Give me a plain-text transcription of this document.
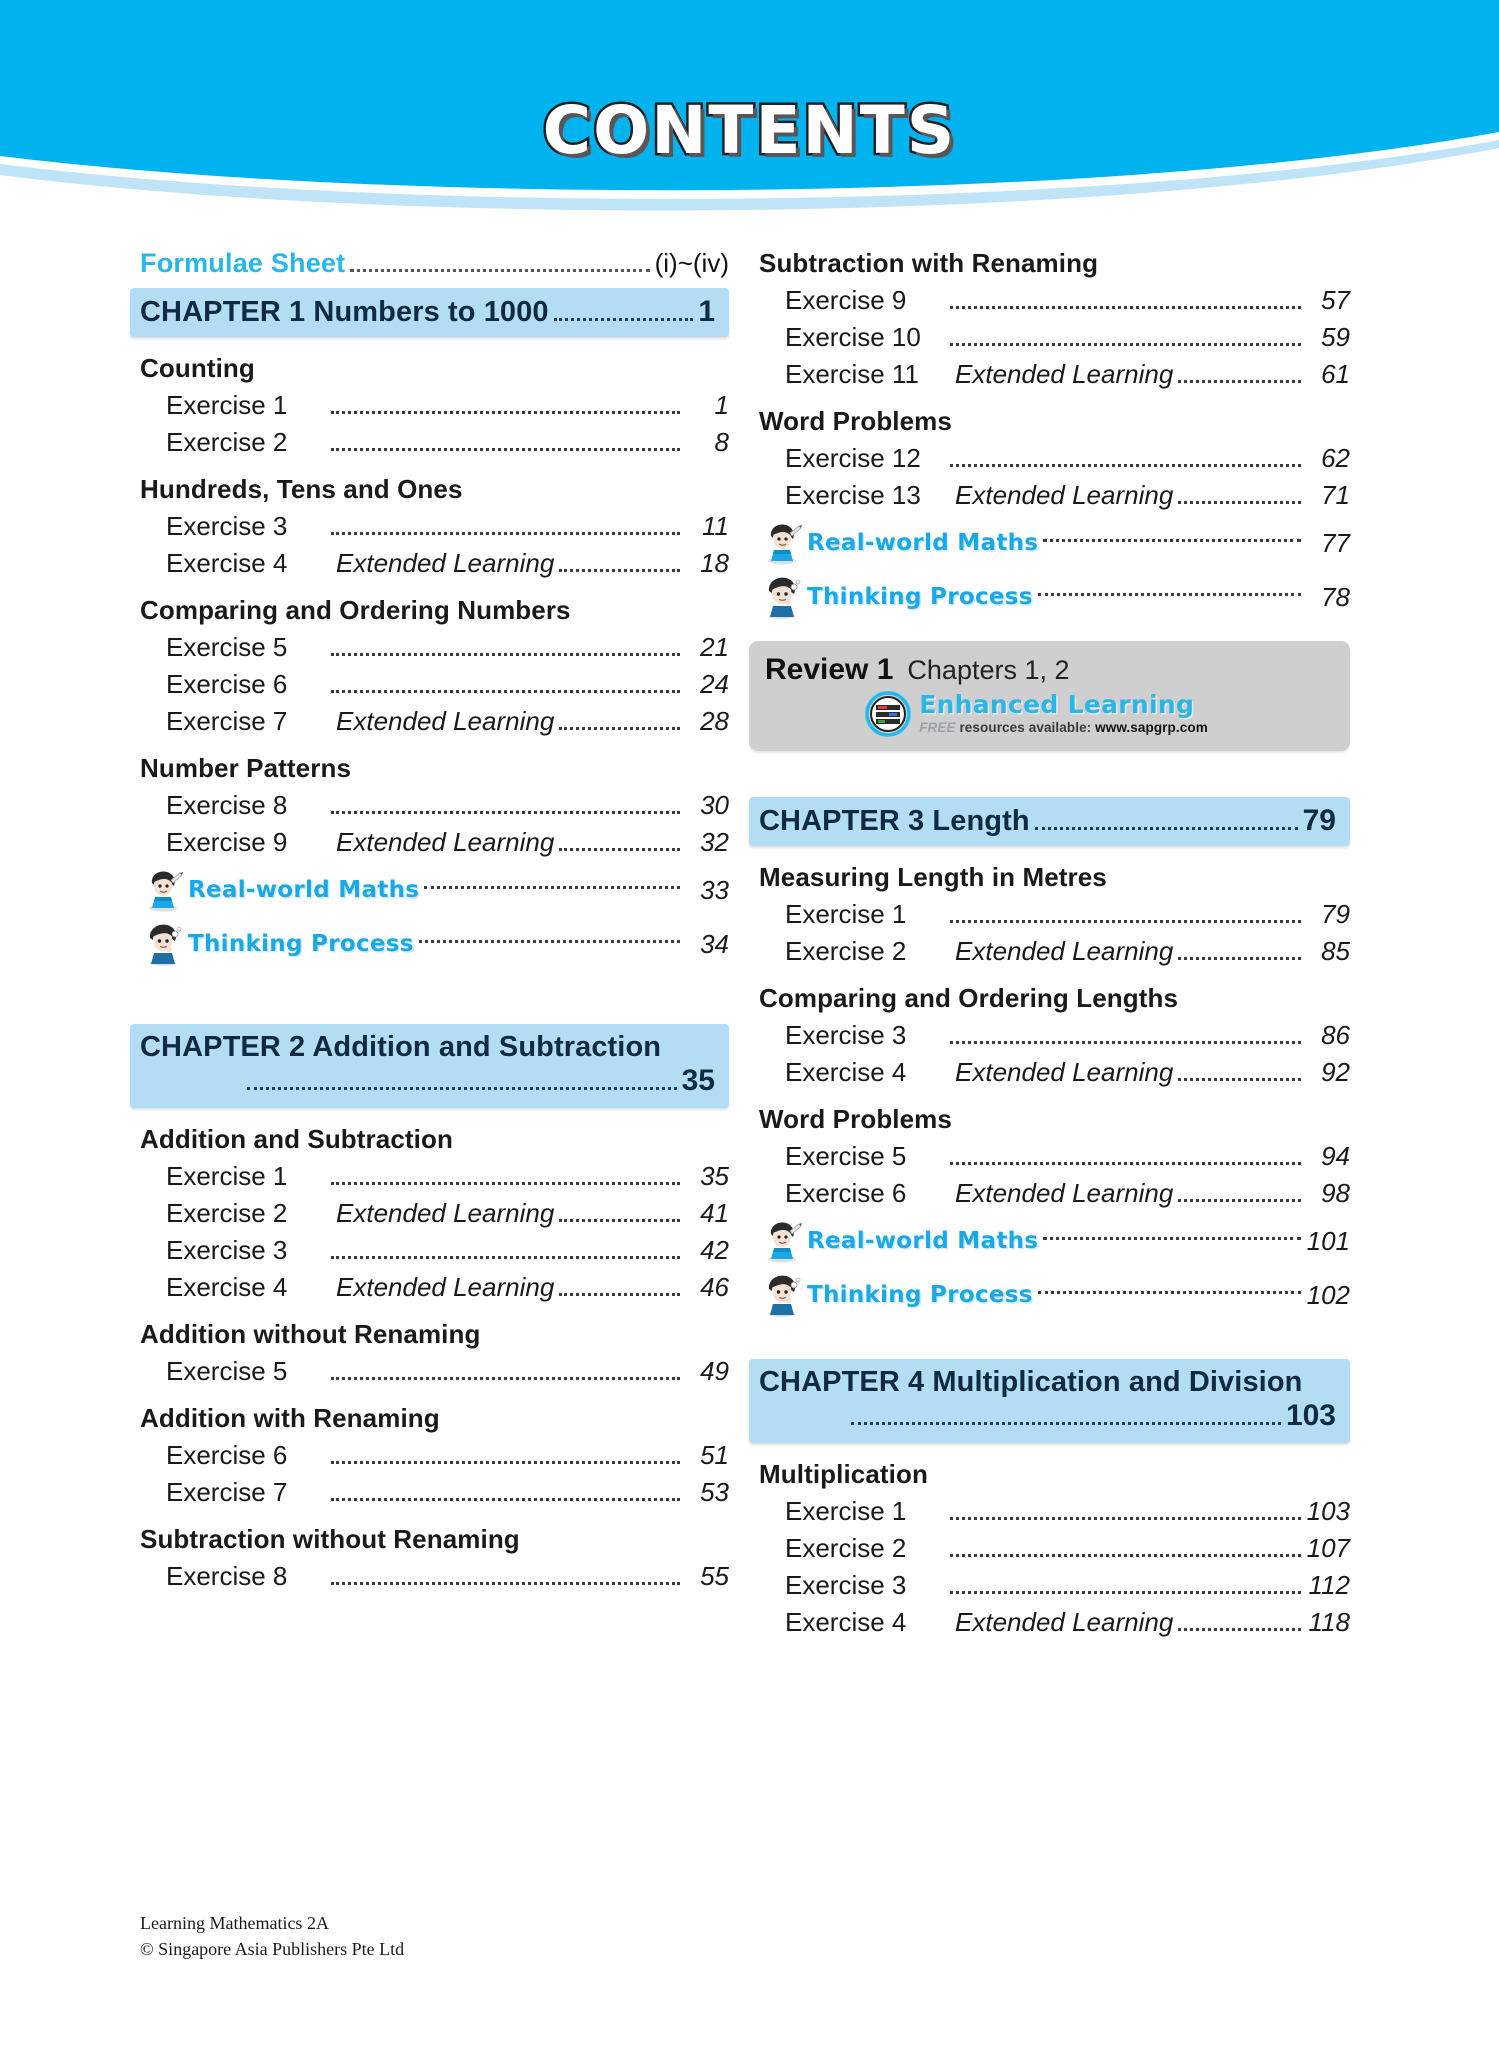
CONTENTS
Formulae Sheet	(i)~(iv)
CHAPTER 1 Numbers to 1000	1
Counting
Exercise 1	1
Exercise 2	8
Hundreds, Tens and Ones
Exercise 3	11
Exercise 4	Extended Learning	18
Comparing and Ordering Numbers
Exercise 5	21
Exercise 6	24
Exercise 7	Extended Learning	28
Number Patterns
Exercise 8	30
Exercise 9	Extended Learning	32
Real-world Maths	33
Thinking Process	34
CHAPTER 2 Addition and Subtraction
35
Addition and Subtraction
Exercise 1	35
Exercise 2	Extended Learning	41
Exercise 3	42
Exercise 4	Extended Learning	46
Addition without Renaming
Exercise 5	49
Addition with Renaming
Exercise 6	51
Exercise 7	53
Subtraction without Renaming
Exercise 8	55
Subtraction with Renaming
Exercise 9	57
Exercise 10	59
Exercise 11	Extended Learning	61
Word Problems
Exercise 12	62
Exercise 13	Extended Learning	71
Real-world Maths	77
Thinking Process	78
Review 1 Chapters 1, 2
Enhanced Learning
FREE resources available: www.sapgrp.com
CHAPTER 3 Length	79
Measuring Length in Metres
Exercise 1	79
Exercise 2	Extended Learning	85
Comparing and Ordering Lengths
Exercise 3	86
Exercise 4	Extended Learning	92
Word Problems
Exercise 5	94
Exercise 6	Extended Learning	98
Real-world Maths	101
Thinking Process	102
CHAPTER 4 Multiplication and Division
103
Multiplication
Exercise 1	103
Exercise 2	107
Exercise 3	112
Exercise 4	Extended Learning	118
Learning Mathematics 2A
© Singapore Asia Publishers Pte Ltd
